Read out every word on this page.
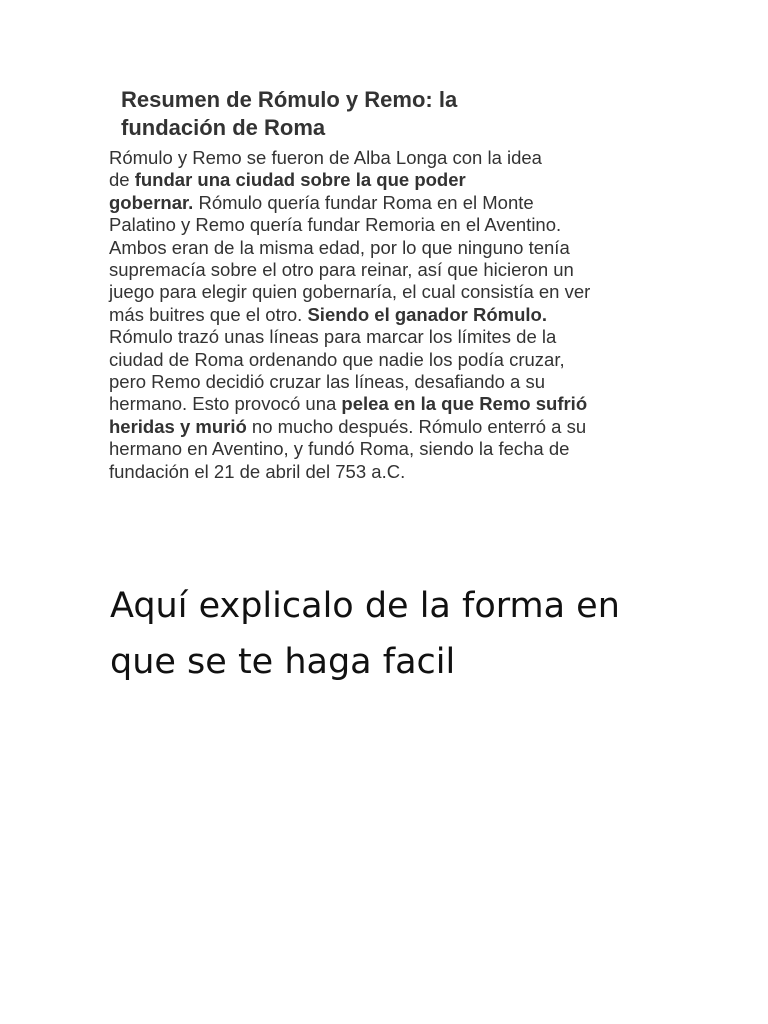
Resumen de Rómulo y Remo: la
fundación de Roma

Rómulo y Remo se fueron de Alba Longa con la idea
de fundar una ciudad sobre la que poder
gobernar. Rómulo quería fundar Roma en el Monte
Palatino y Remo quería fundar Remoria en el Aventino.
Ambos eran de la misma edad, por lo que ninguno tenía
supremacía sobre el otro para reinar, así que hicieron un
juego para elegir quien gobernaría, el cual consistía en ver
más buitres que el otro. Siendo el ganador Rómulo.
Rómulo trazó unas líneas para marcar los límites de la
ciudad de Roma ordenando que nadie los podía cruzar,
pero Remo decidió cruzar las líneas, desafiando a su
hermano. Esto provocó una pelea en la que Remo sufrió
heridas y murió no mucho después. Rómulo enterró a su
hermano en Aventino, y fundó Roma, siendo la fecha de
fundación el 21 de abril del 753 a.C.

Aquí explicalo de la forma en
que se te haga facil
